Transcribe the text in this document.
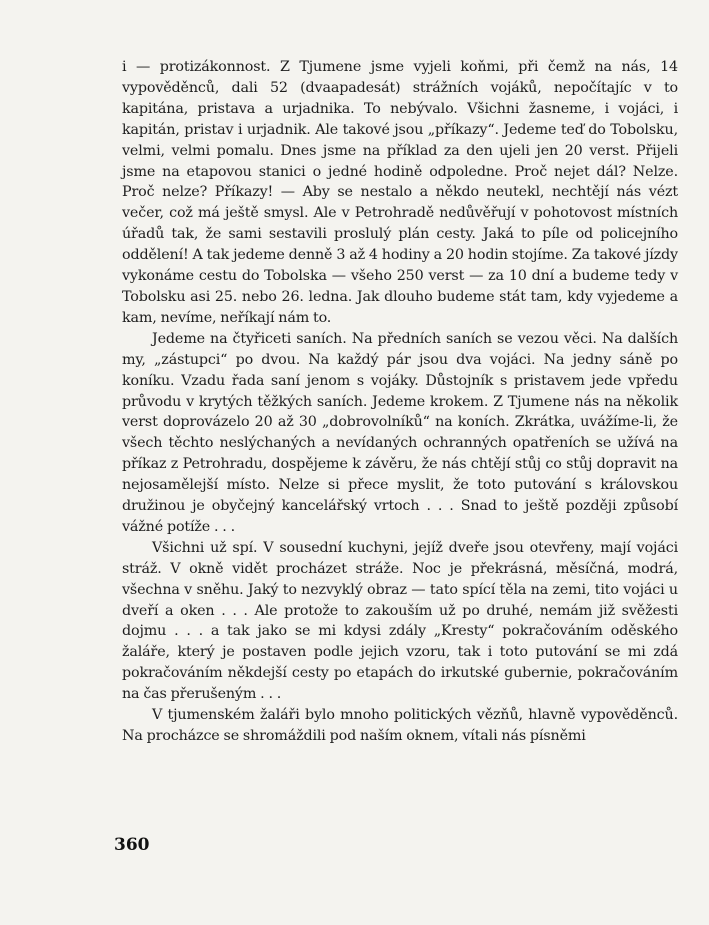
i — protizákonnost. Z Tjumene jsme vyjeli koňmi, při čemž na nás, 14 vypověděnců, dali 52 (dvaapadesát) strážních vojáků, nepočítajíc v to kapitána, pristava a urjadnika. To nebývalo. Všichni žasneme, i vojáci, i kapitán, pristav i urjadnik. Ale takové jsou „příkazy“. Jedeme teď do Tobolsku, velmi, velmi pomalu. Dnes jsme na příklad za den ujeli jen 20 verst. Přijeli jsme na etapovou stanici o jedné hodině odpoledne. Proč nejet dál? Nelze. Proč nelze? Příkazy! — Aby se nestalo a někdo neutekl, nechtějí nás vézt večer, což má ještě smysl. Ale v Petrohradě nedůvěřují v pohotovost místních úřadů tak, že sami sestavili proslulý plán cesty. Jaká to píle od policejního oddělení! A tak jedeme denně 3 až 4 hodiny a 20 hodin stojíme. Za takové jízdy vykonáme cestu do Tobolska — všeho 250 verst — za 10 dní a budeme tedy v Tobolsku asi 25. nebo 26. ledna. Jak dlouho budeme stát tam, kdy vyjedeme a kam, nevíme, neříkají nám to.

Jedeme na čtyřiceti saních. Na předních saních se vezou věci. Na dalších my, „zástupci“ po dvou. Na každý pár jsou dva vojáci. Na jedny sáně po koníku. Vzadu řada saní jenom s vojáky. Důstojník s pristavem jede vpředu průvodu v krytých těžkých saních. Jedeme krokem. Z Tjumene nás na několik verst doprovázelo 20 až 30 „dobrovolníků“ na koních. Zkrátka, uvážíme-li, že všech těchto neslýchaných a nevídaných ochranných opatřeních se užívá na příkaz z Petrohradu, dospějeme k závěru, že nás chtějí stůj co stůj dopravit na nejosamělejší místo. Nelze si přece myslit, že toto putování s královskou družinou je obyčejný kancelářský vrtoch . . . Snad to ještě později způsobí vážné potíže . . .

Všichni už spí. V sousední kuchyni, jejíž dveře jsou otevřeny, mají vojáci stráž. V okně vidět procházet stráže. Noc je překrásná, měsíčná, modrá, všechna v sněhu. Jaký to nezvyklý obraz — tato spící těla na zemi, tito vojáci u dveří a oken . . . Ale protože to zakouším už po druhé, nemám již svěžesti dojmu . . . a tak jako se mi kdysi zdály „Kresty“ pokračováním oděského žaláře, který je postaven podle jejich vzoru, tak i toto putování se mi zdá pokračováním někdejší cesty po etapách do irkutské gubernie, pokračováním na čas přerušeným . . .

V tjumenském žaláři bylo mnoho politických vězňů, hlavně vypověděnců. Na procházce se shromáždili pod naším oknem, vítali nás písněmi

360
